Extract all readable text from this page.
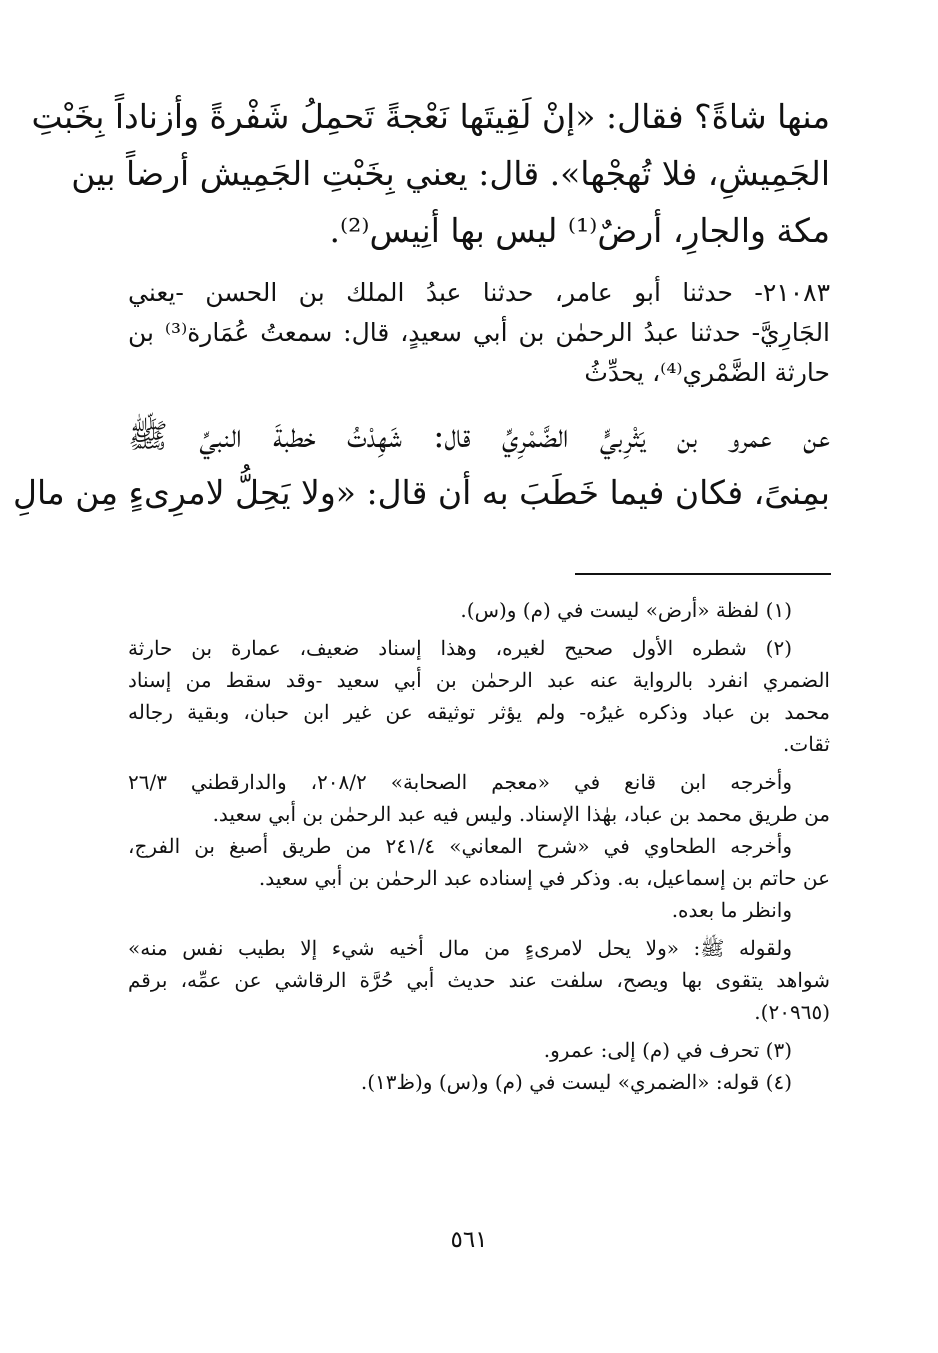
منها شاةً؟ فقال: «إنْ لَقِيتَها نَعْجةً تَحمِلُ شَفْرةً وأزناداً بِخَبْتِ
الجَمِيشِ، فلا تُهجْها». قال: يعني بِخَبْتِ الجَمِيش أرضاً بين
مكة والجارِ، أرضٌ⁽¹⁾ ليس بها أنِيس⁽²⁾.
٢١٠٨٣- حدثنا أبو عامر، حدثنا عبدُ الملك بن الحسن -يعني
الجَارِيَّ- حدثنا عبدُ الرحمٰن بن أبي سعيدٍ، قال: سمعتُ عُمَارة⁽³⁾ بن
حارثة الضَّمْري⁽⁴⁾، يحدِّثُ
عن عمرو بن يَثْرِبيٍّ الضَّمْرِيِّ قال: شَهِدْتُ خطبةَ النبيِّ ﷺ
بمِنىً، فكان فيما خَطَبَ به أن قال: «ولا يَحِلُّ لامرِىءٍ مِن مالِ
(١) لفظة «أرض» ليست في (م) و(س).
(٢) شطره الأول صحيح لغيره، وهذا إسناد ضعيف، عمارة بن حارثة
الضمري انفرد بالرواية عنه عبد الرحمٰن بن أبي سعيد -وقد سقط من إسناد
محمد بن عباد وذكره غيرُه- ولم يؤثر توثيقه عن غير ابن حبان، وبقية رجاله
ثقات.
وأخرجه ابن قانع في «معجم الصحابة» ٢٠٨/٢، والدارقطني ٢٦/٣
من طريق محمد بن عباد، بهٰذا الإسناد. وليس فيه عبد الرحمٰن بن أبي سعيد.
وأخرجه الطحاوي في «شرح المعاني» ٢٤١/٤ من طريق أصبغ بن الفرج،
عن حاتم بن إسماعيل، به. وذكر في إسناده عبد الرحمٰن بن أبي سعيد.
وانظر ما بعده.
ولقوله ﷺ: «ولا يحل لامرىءٍ من مال أخيه شيء إلا بطيب نفس منه»
شواهد يتقوى بها ويصح، سلفت عند حديث أبي حُرَّة الرقاشي عن عمِّه، برقم
(٢٠٩٦٥).
(٣) تحرف في (م) إلى: عمرو.
(٤) قوله: «الضمري» ليست في (م) و(س) و(ظ١٣).
٥٦١
